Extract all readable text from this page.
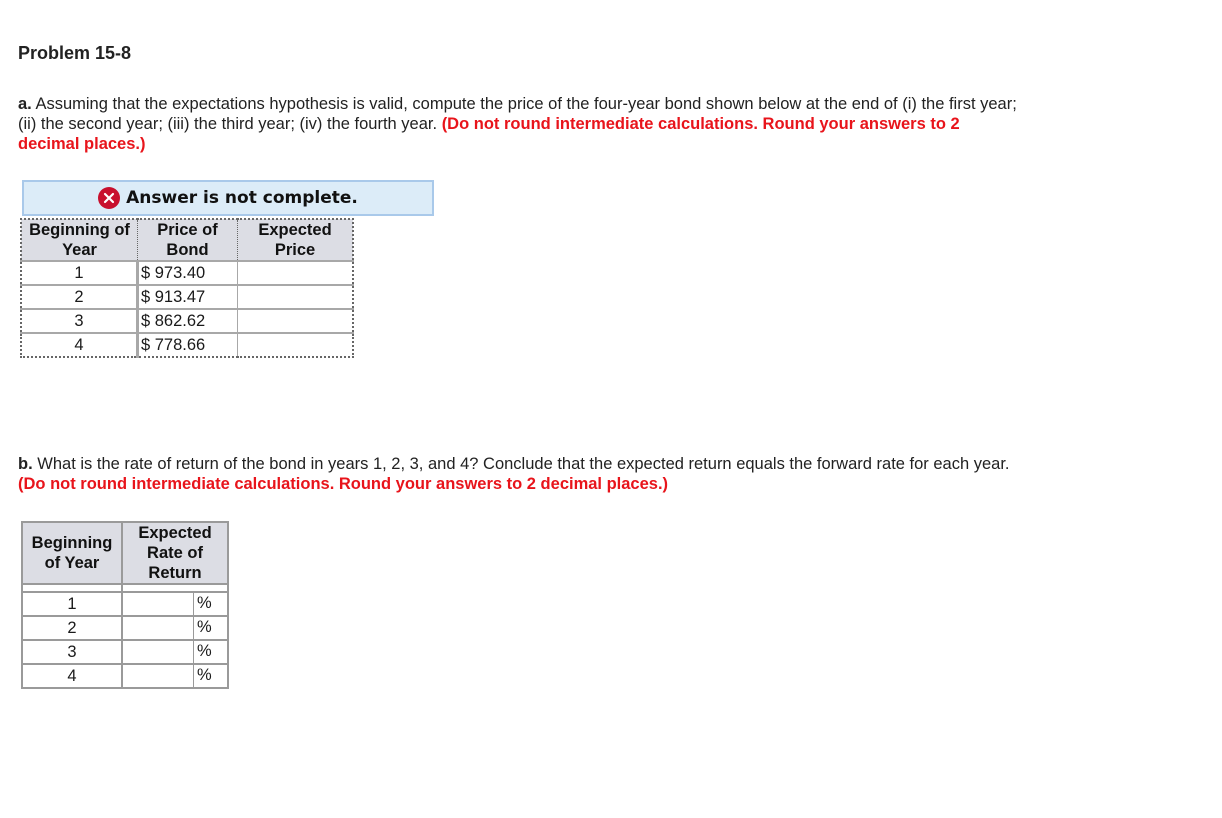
Problem 15-8
a. Assuming that the expectations hypothesis is valid, compute the price of the four-year bond shown below at the end of (i) the first year; (ii) the second year; (iii) the third year; (iv) the fourth year. (Do not round intermediate calculations. Round your answers to 2 decimal places.)
Answer is not complete.
Beginning of Year	Price of Bond	Expected Price
1	$ 973.40	
2	$ 913.47	
3	$ 862.62	
4	$ 778.66	
b. What is the rate of return of the bond in years 1, 2, 3, and 4? Conclude that the expected return equals the forward rate for each year. (Do not round intermediate calculations. Round your answers to 2 decimal places.)
Beginning of Year	Expected Rate of Return

1	%
2	%
3	%
4	%
